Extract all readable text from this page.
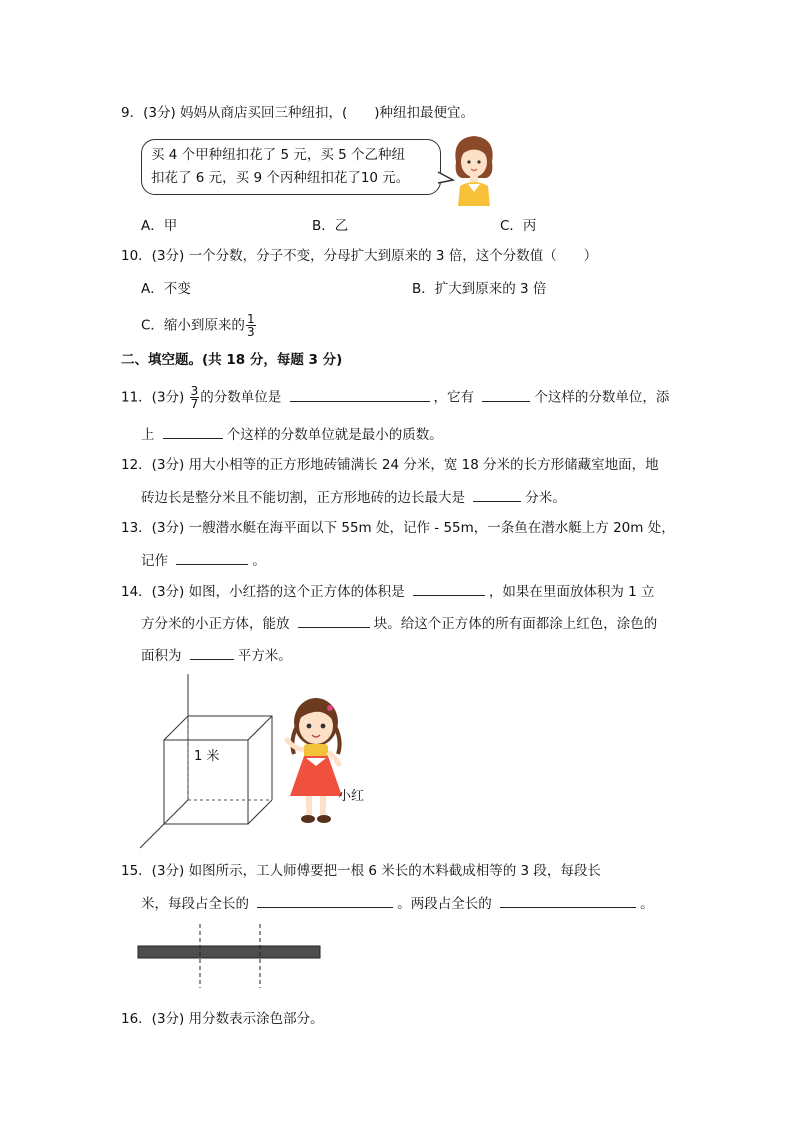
9．(3分) 妈妈从商店买回三种纽扣，(　　)种纽扣最便宜。
买 4 个甲种纽扣花了 5 元，买 5 个乙种纽
扣花了 6 元，买 9 个丙种纽扣花了10 元。
A．甲	B．乙	C．丙
10．(3分) 一个分数，分子不变，分母扩大到原来的 3 倍，这个分数值（　　）
A．不变	B．扩大到原来的 3 倍
C．缩小到原来的 $\frac{1}{3}$
二、填空题。(共 18 分，每题 3 分)
11．(3分) $\frac{3}{7}$ 的分数单位是	，它有	个这样的分数单位，添
上	个这样的分数单位就是最小的质数。
12．(3分) 用大小相等的正方形地砖铺满长 24 分米，宽 18 分米的长方形储藏室地面，地
砖边长是整分米且不能切割，正方形地砖的边长最大是	分米。
13．(3分) 一艘潜水艇在海平面以下 55m 处，记作 - 55m，一条鱼在潜水艇上方 20m 处，
记作	。
14．(3分) 如图，小红搭的这个正方体的体积是	，如果在里面放体积为 1 立
方分米的小正方体，能放	块。给这个正方体的所有面都涂上红色，涂色的
面积为	平方米。
1 米
小红
15．(3分) 如图所示，工人师傅要把一根 6 米长的木料截成相等的 3 段，每段长
米，每段占全长的	。两段占全长的	。
16．(3分) 用分数表示涂色部分。
